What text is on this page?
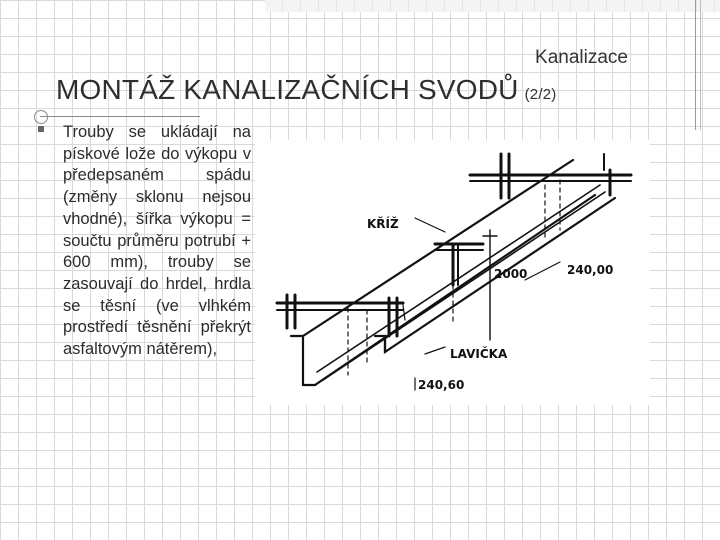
Kanalizace
MONTÁŽ KANALIZAČNÍCH SVODŮ (2/2)
Trouby se ukládají na pískové lože do výkopu v předepsaném spádu (změny sklonu nejsou vhodné), šířka výkopu = součtu průměru potrubí + 600 mm), trouby se zasouvají do hrdel, hrdla se těsní (ve vlhkém prostředí těsnění překrýt asfaltovým nátěrem),
KŘÍŽ
2000	240,00
LAVIČKA
240,60
